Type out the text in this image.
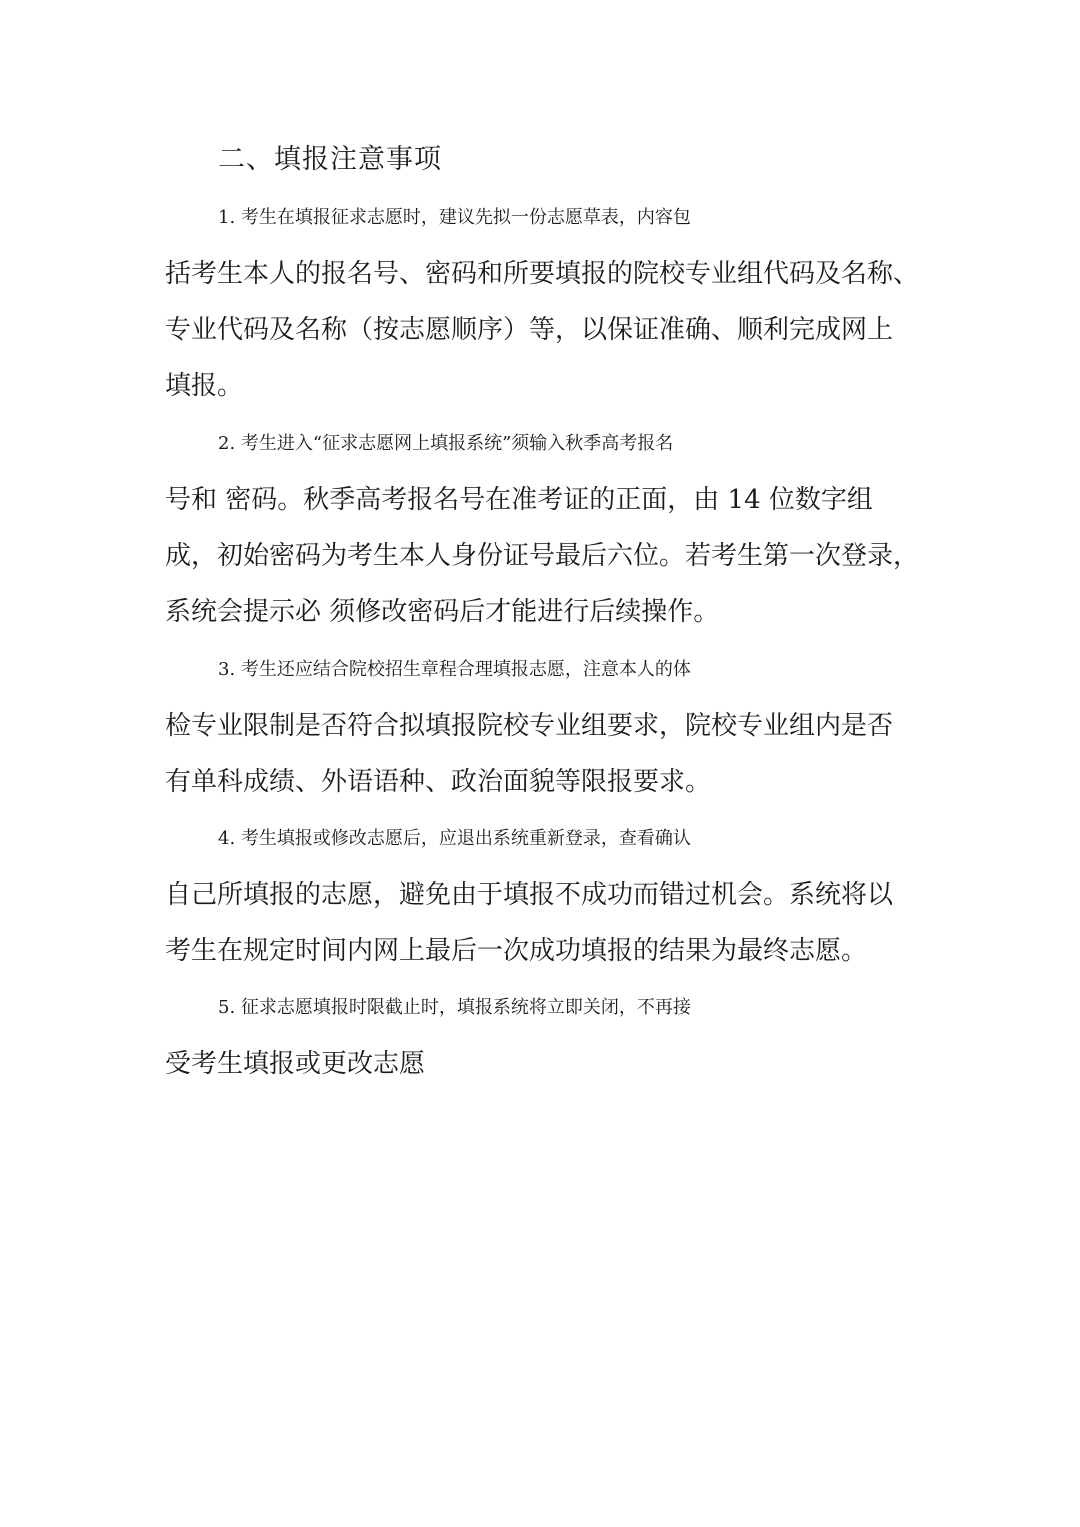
二、填报注意事项

1. 考生在填报征求志愿时，建议先拟一份志愿草表，内容包

括考生本人的报名号、密码和所要填报的院校专业组代码及名称、

专业代码及名称（按志愿顺序）等，以保证准确、顺利完成网上

填报。

2. 考生进入“征求志愿网上填报系统”须输入秋季高考报名

号和 密码。秋季高考报名号在准考证的正面，由 14 位数字组

成，初始密码为考生本人身份证号最后六位。若考生第一次登录，

系统会提示必 须修改密码后才能进行后续操作。

3. 考生还应结合院校招生章程合理填报志愿，注意本人的体

检专业限制是否符合拟填报院校专业组要求，院校专业组内是否

有单科成绩、外语语种、政治面貌等限报要求。

4. 考生填报或修改志愿后，应退出系统重新登录，查看确认

自己所填报的志愿，避免由于填报不成功而错过机会。系统将以

考生在规定时间内网上最后一次成功填报的结果为最终志愿。

5. 征求志愿填报时限截止时，填报系统将立即关闭，不再接

受考生填报或更改志愿
